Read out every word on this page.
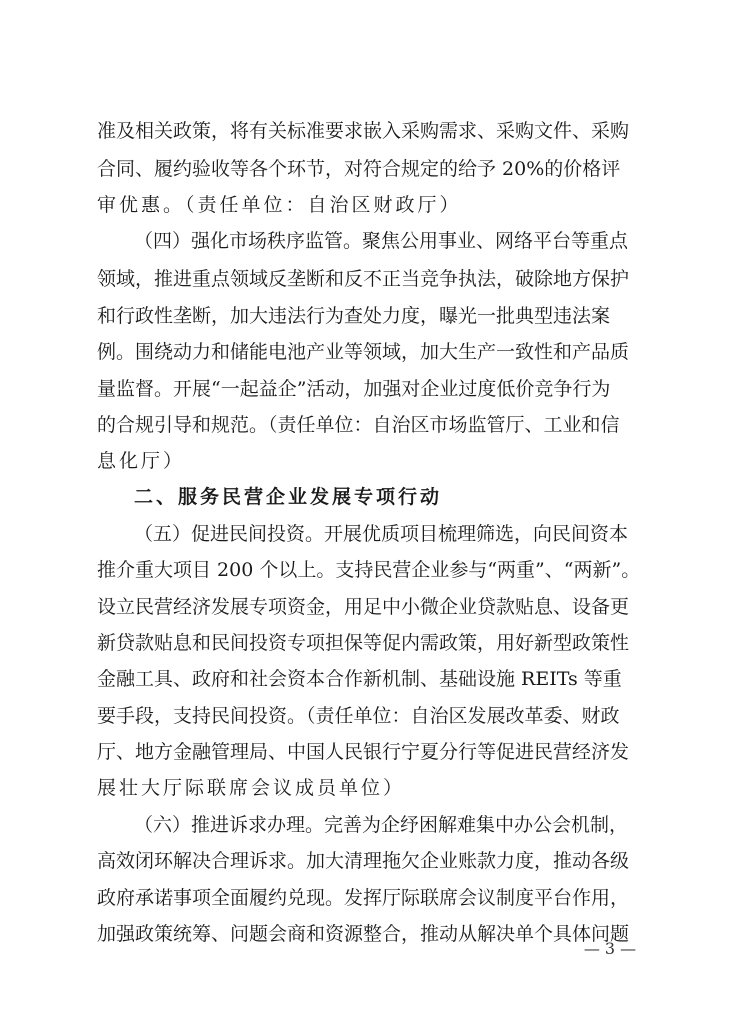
准及相关政策，将有关标准要求嵌入采购需求、采购文件、采购
合同、履约验收等各个环节，对符合规定的给予 20%的价格评
审优惠。（责任单位：自治区财政厅）
（四）强化市场秩序监管。聚焦公用事业、网络平台等重点
领域，推进重点领域反垄断和反不正当竞争执法，破除地方保护
和行政性垄断，加大违法行为查处力度，曝光一批典型违法案
例。围绕动力和储能电池产业等领域，加大生产一致性和产品质
量监督。开展“一起益企”活动，加强对企业过度低价竞争行为
的合规引导和规范。（责任单位：自治区市场监管厅、工业和信
息化厅）
二、服务民营企业发展专项行动
（五）促进民间投资。开展优质项目梳理筛选，向民间资本
推介重大项目 200 个以上。支持民营企业参与“两重”、“两新”。
设立民营经济发展专项资金，用足中小微企业贷款贴息、设备更
新贷款贴息和民间投资专项担保等促内需政策，用好新型政策性
金融工具、政府和社会资本合作新机制、基础设施 REITs 等重
要手段，支持民间投资。（责任单位：自治区发展改革委、财政
厅、地方金融管理局、中国人民银行宁夏分行等促进民营经济发
展壮大厅际联席会议成员单位）
（六）推进诉求办理。完善为企纾困解难集中办公会机制，
高效闭环解决合理诉求。加大清理拖欠企业账款力度，推动各级
政府承诺事项全面履约兑现。发挥厅际联席会议制度平台作用，
加强政策统筹、问题会商和资源整合，推动从解决单个具体问题
— 3 —
